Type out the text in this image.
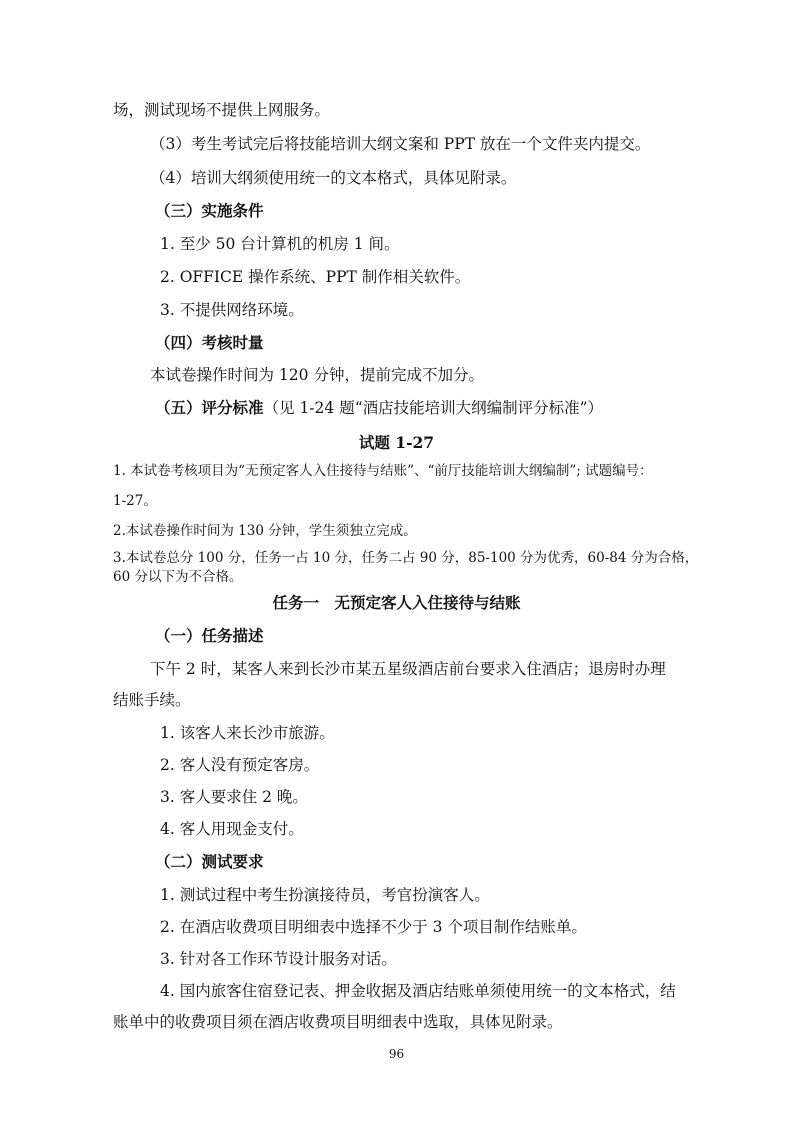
场，测试现场不提供上网服务。
（3）考生考试完后将技能培训大纲文案和 PPT 放在一个文件夹内提交。
（4）培训大纲须使用统一的文本格式，具体见附录。
（三）实施条件
1. 至少 50 台计算机的机房 1 间。
2. OFFICE 操作系统、PPT 制作相关软件。
3. 不提供网络环境。
（四）考核时量
本试卷操作时间为 120 分钟，提前完成不加分。
（五）评分标准（见 1-24 题“酒店技能培训大纲编制评分标准”）
试题 1-27
1. 本试卷考核项目为“无预定客人入住接待与结账”、“前厅技能培训大纲编制”; 试题编号：
1-27。
2.本试卷操作时间为 130 分钟，学生须独立完成。
3.本试卷总分 100 分，任务一占 10 分，任务二占 90 分，85-100 分为优秀，60-84 分为合格，
60 分以下为不合格。
任务一　无预定客人入住接待与结账
（一）任务描述
下午 2 时，某客人来到长沙市某五星级酒店前台要求入住酒店；退房时办理
结账手续。
1. 该客人来长沙市旅游。
2. 客人没有预定客房。
3. 客人要求住 2 晚。
4. 客人用现金支付。
（二）测试要求
1. 测试过程中考生扮演接待员，考官扮演客人。
2. 在酒店收费项目明细表中选择不少于 3 个项目制作结账单。
3. 针对各工作环节设计服务对话。
4. 国内旅客住宿登记表、押金收据及酒店结账单须使用统一的文本格式，结
账单中的收费项目须在酒店收费项目明细表中选取，具体见附录。
96
